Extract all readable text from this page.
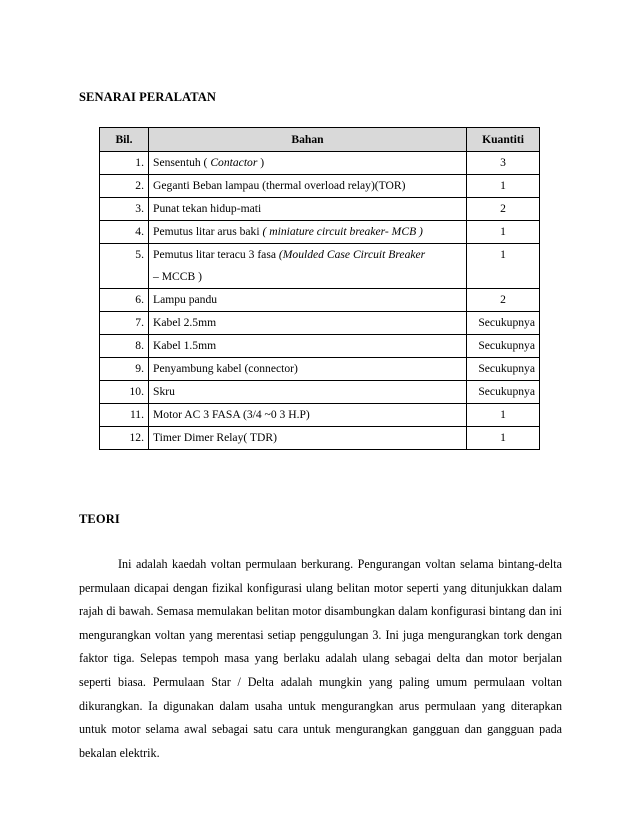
SENARAI PERALATAN
Bil.	Bahan	Kuantiti
1.	Sensentuh ( Contactor )	3
2.	Geganti Beban lampau (thermal overload relay)(TOR)	1
3.	Punat tekan hidup-mati	2
4.	Pemutus litar arus baki ( miniature circuit breaker- MCB )	1
5.	Pemutus litar teracu 3 fasa (Moulded Case Circuit Breaker
– MCCB )	1
6.	Lampu pandu	2
7.	Kabel 2.5mm	Secukupnya
8.	Kabel 1.5mm	Secukupnya
9.	Penyambung kabel (connector)	Secukupnya
10.	Skru	Secukupnya
11.	Motor AC 3 FASA (3/4 ~0 3 H.P)	1
12.	Timer Dimer Relay( TDR)	1
TEORI

Ini adalah kaedah voltan permulaan berkurang. Pengurangan voltan selama bintang-delta permulaan dicapai dengan fizikal konfigurasi ulang belitan motor seperti yang ditunjukkan dalam rajah di bawah. Semasa memulakan belitan motor disambungkan dalam konfigurasi bintang dan ini mengurangkan voltan yang merentasi setiap penggulungan 3. Ini juga mengurangkan tork dengan faktor tiga. Selepas tempoh masa yang berlaku adalah ulang sebagai delta dan motor berjalan seperti biasa. Permulaan Star / Delta adalah mungkin yang paling umum permulaan voltan dikurangkan. Ia digunakan dalam usaha untuk mengurangkan arus permulaan yang diterapkan untuk motor selama awal sebagai satu cara untuk mengurangkan gangguan dan gangguan pada bekalan elektrik.
